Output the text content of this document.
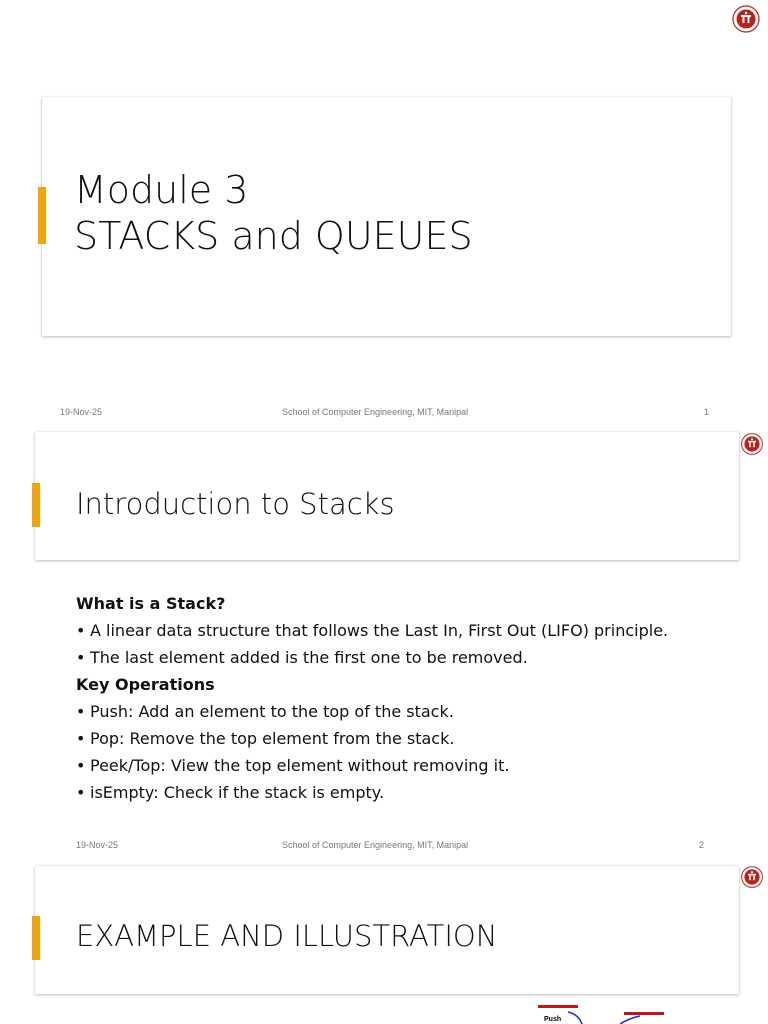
Module 3
STACKS and QUEUES
19-Nov-25	School of Computer Engineering, MIT, Manipal	1
Introduction to Stacks
What is a Stack?
• A linear data structure that follows the Last In, First Out (LIFO) principle.
• The last element added is the first one to be removed.
Key Operations
• Push: Add an element to the top of the stack.
• Pop: Remove the top element from the stack.
• Peek/Top: View the top element without removing it.
• isEmpty: Check if the stack is empty.
19-Nov-25	School of Computer Engineering, MIT, Manipal	2
EXAMPLE AND ILLUSTRATION
Push
